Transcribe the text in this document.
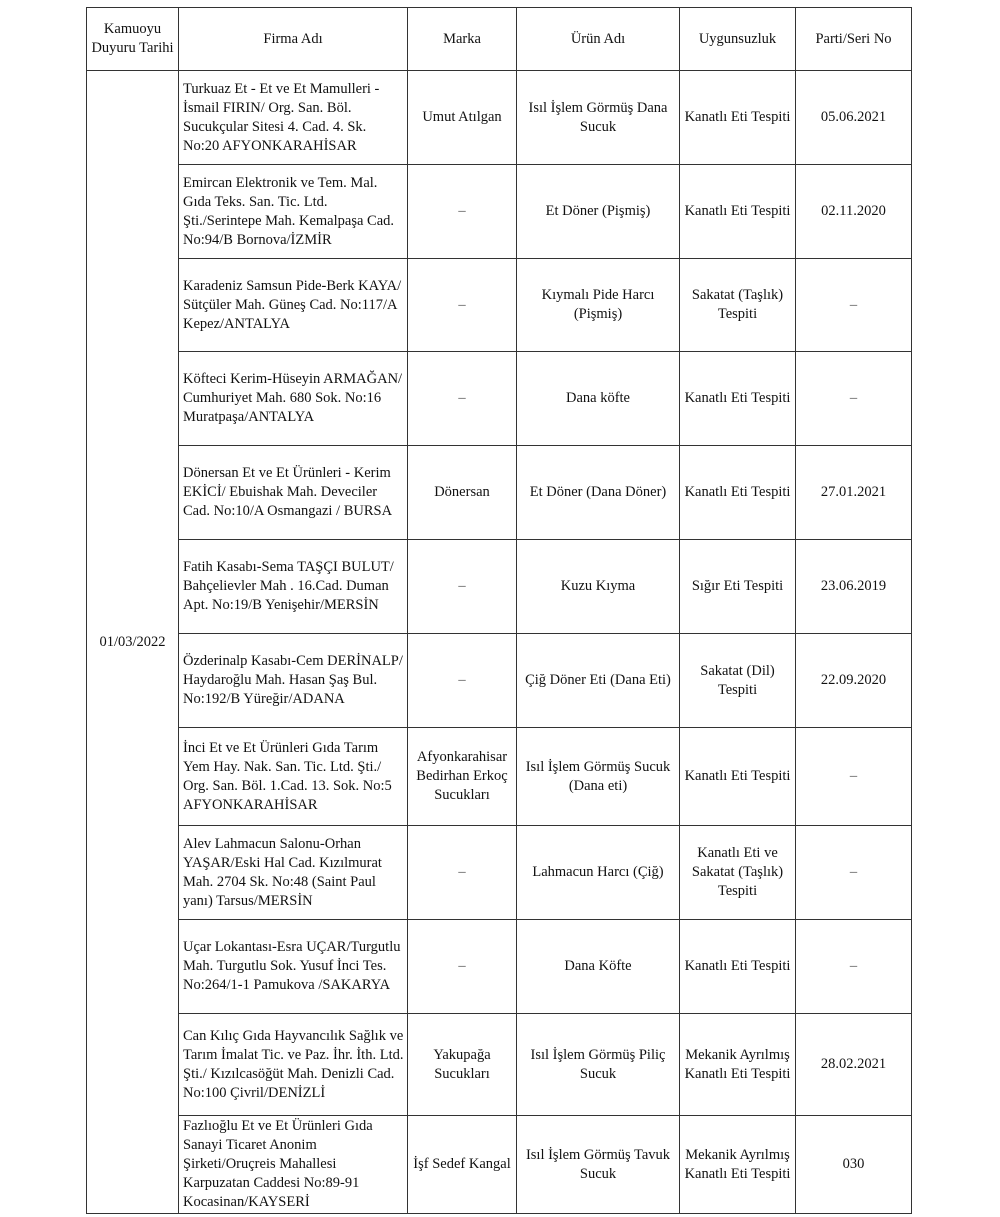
Kamuoyu Duyuru Tarihi	Firma Adı	Marka	Ürün Adı	Uygunsuzluk	Parti/Seri No
01/03/2022	Turkuaz Et - Et ve Et Mamulleri - İsmail FIRIN/ Org. San. Böl. Sucukçular Sitesi 4. Cad. 4. Sk. No:20 AFYONKARAHİSAR	Umut Atılgan	Isıl İşlem Görmüş Dana Sucuk	Kanatlı Eti Tespiti	05.06.2021
	Emircan Elektronik ve Tem. Mal. Gıda Teks. San. Tic. Ltd. Şti./Serintepe Mah. Kemalpaşa Cad. No:94/B Bornova/İZMİR	–	Et Döner (Pişmiş)	Kanatlı Eti Tespiti	02.11.2020
	Karadeniz Samsun Pide-Berk KAYA/ Sütçüler Mah. Güneş Cad. No:117/A Kepez/ANTALYA	–	Kıymalı Pide Harcı (Pişmiş)	Sakatat (Taşlık) Tespiti	–
	Köfteci Kerim-Hüseyin ARMAĞAN/ Cumhuriyet Mah. 680 Sok. No:16 Muratpaşa/ANTALYA	–	Dana köfte	Kanatlı Eti Tespiti	–
	Dönersan Et ve Et Ürünleri - Kerim EKİCİ/ Ebuishak Mah. Deveciler Cad. No:10/A Osmangazi / BURSA	Dönersan	Et Döner (Dana Döner)	Kanatlı Eti Tespiti	27.01.2021
	Fatih Kasabı-Sema TAŞÇI BULUT/ Bahçelievler Mah . 16.Cad. Duman Apt. No:19/B Yenişehir/MERSİN	–	Kuzu Kıyma	Sığır Eti Tespiti	23.06.2019
	Özderinalp Kasabı-Cem DERİNALP/ Haydaroğlu Mah. Hasan Şaş Bul. No:192/B Yüreğir/ADANA	–	Çiğ Döner Eti (Dana Eti)	Sakatat (Dil) Tespiti	22.09.2020
	İnci Et ve Et Ürünleri Gıda Tarım Yem Hay. Nak. San. Tic. Ltd. Şti./ Org. San. Böl. 1.Cad. 13. Sok. No:5 AFYONKARAHİSAR	Afyonkarahisar Bedirhan Erkoç Sucukları	Isıl İşlem Görmüş Sucuk (Dana eti)	Kanatlı Eti Tespiti	–
	Alev Lahmacun Salonu-Orhan YAŞAR/Eski Hal Cad. Kızılmurat Mah. 2704 Sk. No:48 (Saint Paul yanı) Tarsus/MERSİN	–	Lahmacun Harcı (Çiğ)	Kanatlı Eti ve Sakatat (Taşlık) Tespiti	–
	Uçar Lokantası-Esra UÇAR/Turgutlu Mah. Turgutlu Sok. Yusuf İnci Tes. No:264/1-1 Pamukova /SAKARYA	–	Dana Köfte	Kanatlı Eti Tespiti	–
	Can Kılıç Gıda Hayvancılık Sağlık ve Tarım İmalat Tic. ve Paz. İhr. İth. Ltd. Şti./ Kızılcasöğüt Mah. Denizli Cad. No:100 Çivril/DENİZLİ	Yakupağa Sucukları	Isıl İşlem Görmüş Piliç Sucuk	Mekanik Ayrılmış Kanatlı Eti Tespiti	28.02.2021
	Fazlıoğlu Et ve Et Ürünleri Gıda Sanayi Ticaret Anonim Şirketi/Oruçreis Mahallesi Karpuzatan Caddesi No:89-91 Kocasinan/KAYSERİ	İşf Sedef Kangal	Isıl İşlem Görmüş Tavuk Sucuk	Mekanik Ayrılmış Kanatlı Eti Tespiti	030
